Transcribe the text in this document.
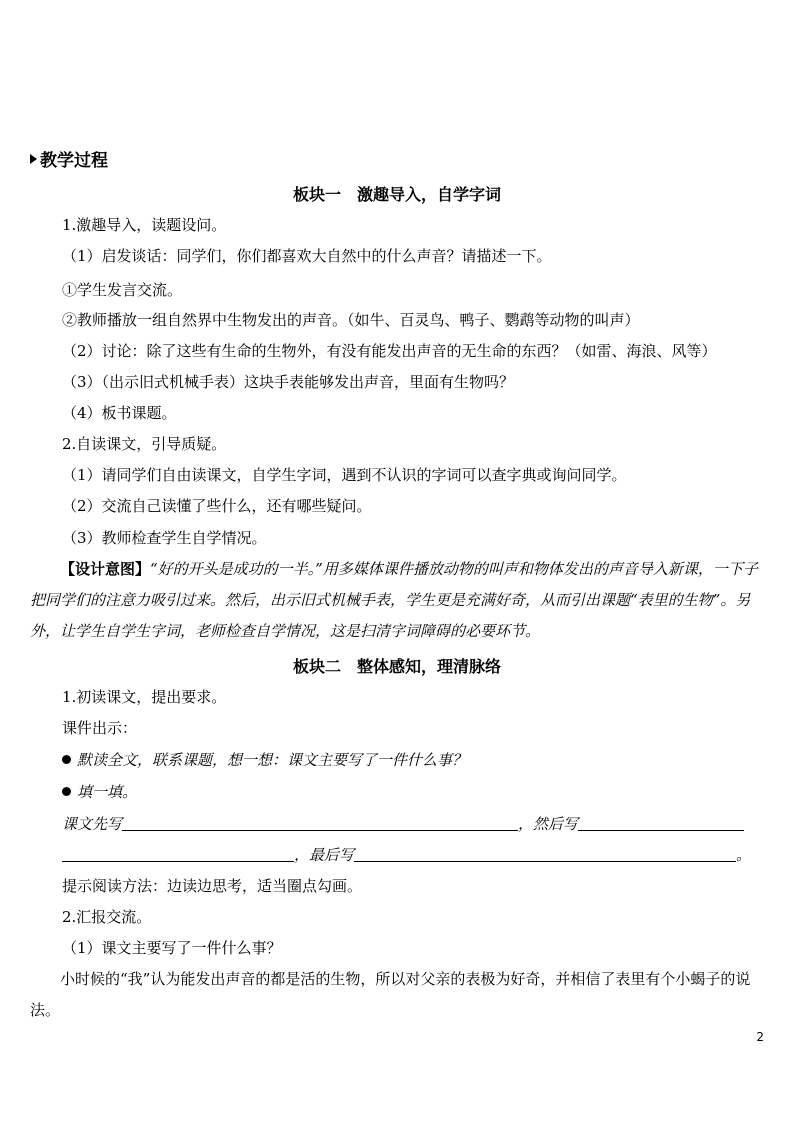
教学过程
板块一　激趣导入，自学字词
1.激趣导入，读题设问。
（1）启发谈话：同学们，你们都喜欢大自然中的什么声音？请描述一下。
①学生发言交流。
②教师播放一组自然界中生物发出的声音。（如牛、百灵鸟、鸭子、鹦鹉等动物的叫声）
（2）讨论：除了这些有生命的生物外，有没有能发出声音的无生命的东西？（如雷、海浪、风等）
（3）（出示旧式机械手表）这块手表能够发出声音，里面有生物吗？
（4）板书课题。
2.自读课文，引导质疑。
（1）请同学们自由读课文，自学生字词，遇到不认识的字词可以查字典或询问同学。
（2）交流自己读懂了些什么，还有哪些疑问。
（3）教师检查学生自学情况。
【设计意图】“好的开头是成功的一半。”用多媒体课件播放动物的叫声和物体发出的声音导入新课，一下子把同学们的注意力吸引过来。然后，出示旧式机械手表，学生更是充满好奇，从而引出课题“表里的生物”。另外，让学生自学生字词，老师检查自学情况，这是扫清字词障碍的必要环节。
板块二　整体感知，理清脉络
1.初读课文，提出要求。
课件出示：
默读全文，联系课题，想一想：课文主要写了一件什么事？
填一填。
课文先写	，然后写
，最后写	。
提示阅读方法：边读边思考，适当圈点勾画。
2.汇报交流。
（1）课文主要写了一件什么事？
小时候的“我”认为能发出声音的都是活的生物，所以对父亲的表极为好奇，并相信了表里有个小蝎子的说法。
2
